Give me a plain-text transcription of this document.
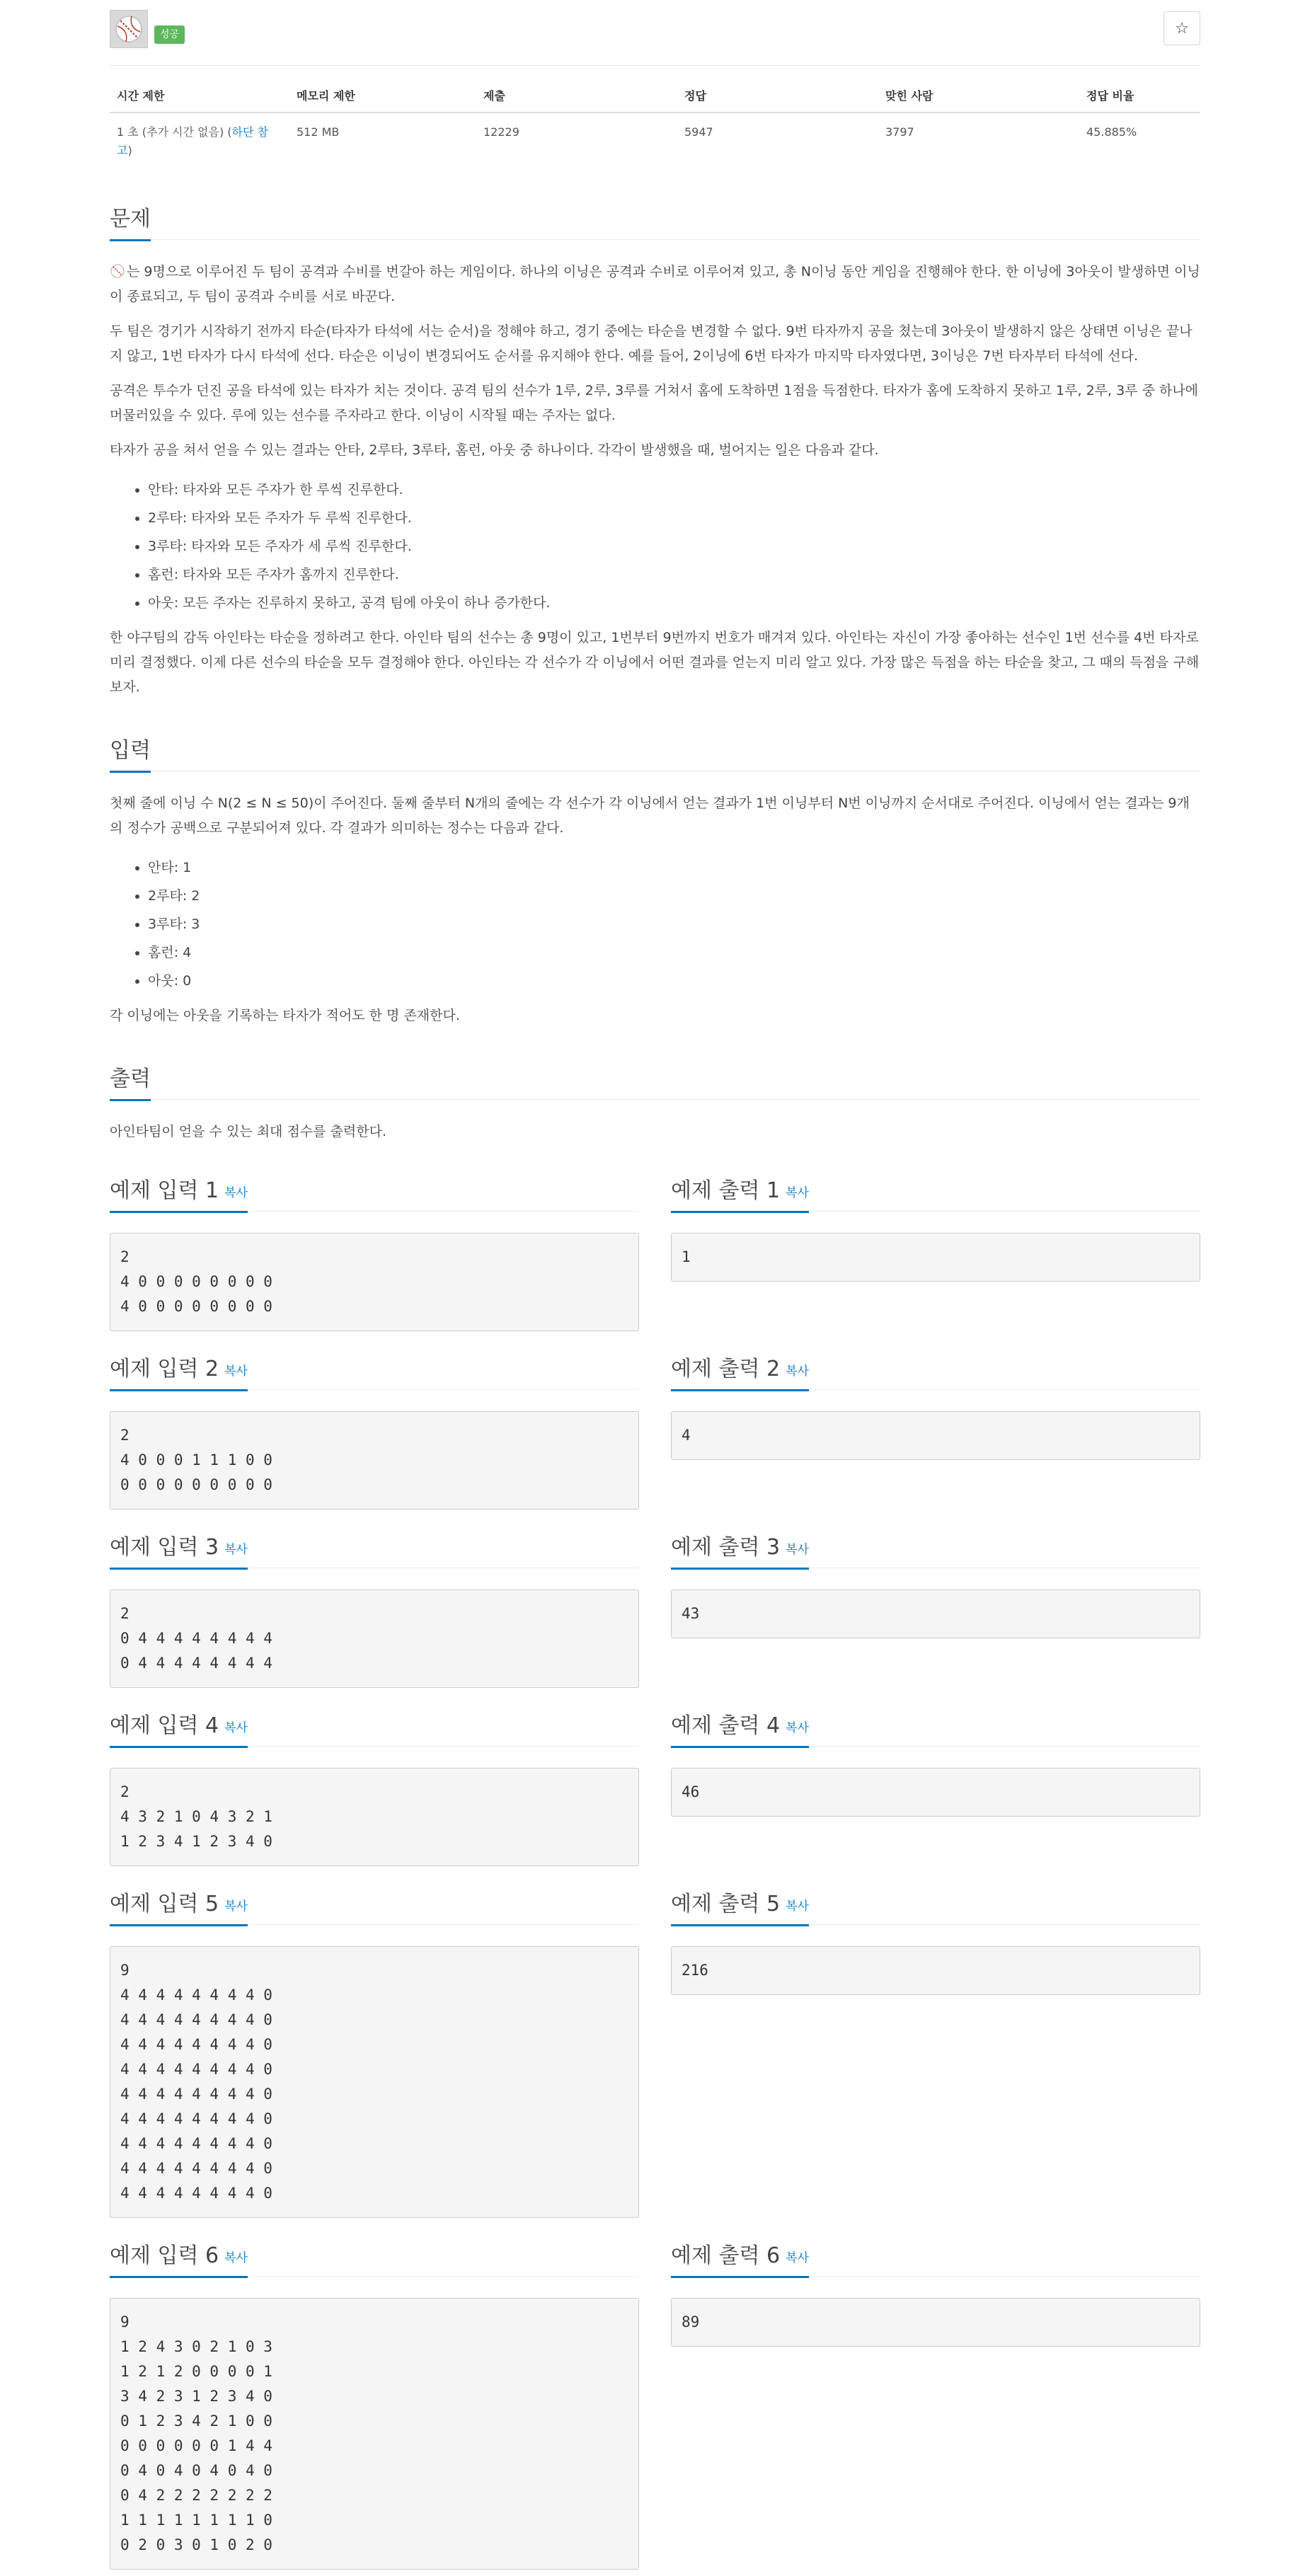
성공	☆
시간 제한	메모리 제한	제출	정답	맞힌 사람	정답 비율
1 초 (추가 시간 없음) (하단 참고)	512 MB	12229	5947	3797	45.885%
문제

는 9명으로 이루어진 두 팀이 공격과 수비를 번갈아 하는 게임이다. 하나의 이닝은 공격과 수비로 이루어져 있고, 총 N이닝 동안 게임을 진행해야 한다. 한 이닝에 3아웃이 발생하면 이닝이 종료되고, 두 팀이 공격과 수비를 서로 바꾼다.

두 팀은 경기가 시작하기 전까지 타순(타자가 타석에 서는 순서)을 정해야 하고, 경기 중에는 타순을 변경할 수 없다. 9번 타자까지 공을 쳤는데 3아웃이 발생하지 않은 상태면 이닝은 끝나지 않고, 1번 타자가 다시 타석에 선다. 타순은 이닝이 변경되어도 순서를 유지해야 한다. 예를 들어, 2이닝에 6번 타자가 마지막 타자였다면, 3이닝은 7번 타자부터 타석에 선다.

공격은 투수가 던진 공을 타석에 있는 타자가 치는 것이다. 공격 팀의 선수가 1루, 2루, 3루를 거쳐서 홈에 도착하면 1점을 득점한다. 타자가 홈에 도착하지 못하고 1루, 2루, 3루 중 하나에 머물러있을 수 있다. 루에 있는 선수를 주자라고 한다. 이닝이 시작될 때는 주자는 없다.

타자가 공을 쳐서 얻을 수 있는 결과는 안타, 2루타, 3루타, 홈런, 아웃 중 하나이다. 각각이 발생했을 때, 벌어지는 일은 다음과 같다.

• 안타: 타자와 모든 주자가 한 루씩 진루한다.
• 2루타: 타자와 모든 주자가 두 루씩 진루한다.
• 3루타: 타자와 모든 주자가 세 루씩 진루한다.
• 홈런: 타자와 모든 주자가 홈까지 진루한다.
• 아웃: 모든 주자는 진루하지 못하고, 공격 팀에 아웃이 하나 증가한다.

한 야구팀의 감독 아인타는 타순을 정하려고 한다. 아인타 팀의 선수는 총 9명이 있고, 1번부터 9번까지 번호가 매겨져 있다. 아인타는 자신이 가장 좋아하는 선수인 1번 선수를 4번 타자로 미리 결정했다. 이제 다른 선수의 타순을 모두 결정해야 한다. 아인타는 각 선수가 각 이닝에서 어떤 결과를 얻는지 미리 알고 있다. 가장 많은 득점을 하는 타순을 찾고, 그 때의 득점을 구해보자.

입력

첫째 줄에 이닝 수 N(2 ≤ N ≤ 50)이 주어진다. 둘째 줄부터 N개의 줄에는 각 선수가 각 이닝에서 얻는 결과가 1번 이닝부터 N번 이닝까지 순서대로 주어진다. 이닝에서 얻는 결과는 9개의 정수가 공백으로 구분되어져 있다. 각 결과가 의미하는 정수는 다음과 같다.

• 안타: 1
• 2루타: 2
• 3루타: 3
• 홈런: 4
• 아웃: 0

각 이닝에는 아웃을 기록하는 타자가 적어도 한 명 존재한다.

출력

아인타팀이 얻을 수 있는 최대 점수를 출력한다.

예제 입력 1 복사
2
4 0 0 0 0 0 0 0 0
4 0 0 0 0 0 0 0 0
예제 출력 1 복사
1
예제 입력 2 복사
2
4 0 0 0 1 1 1 0 0
0 0 0 0 0 0 0 0 0
예제 출력 2 복사
4
예제 입력 3 복사
2
0 4 4 4 4 4 4 4 4
0 4 4 4 4 4 4 4 4
예제 출력 3 복사
43
예제 입력 4 복사
2
4 3 2 1 0 4 3 2 1
1 2 3 4 1 2 3 4 0
예제 출력 4 복사
46
예제 입력 5 복사
9
4 4 4 4 4 4 4 4 0
4 4 4 4 4 4 4 4 0
4 4 4 4 4 4 4 4 0
4 4 4 4 4 4 4 4 0
4 4 4 4 4 4 4 4 0
4 4 4 4 4 4 4 4 0
4 4 4 4 4 4 4 4 0
4 4 4 4 4 4 4 4 0
4 4 4 4 4 4 4 4 0
예제 출력 5 복사
216
예제 입력 6 복사
9
1 2 4 3 0 2 1 0 3
1 2 1 2 0 0 0 0 1
3 4 2 3 1 2 3 4 0
0 1 2 3 4 2 1 0 0
0 0 0 0 0 0 1 4 4
0 4 0 4 0 4 0 4 0
0 4 2 2 2 2 2 2 2
1 1 1 1 1 1 1 1 0
0 2 0 3 0 1 0 2 0
예제 출력 6 복사
89
